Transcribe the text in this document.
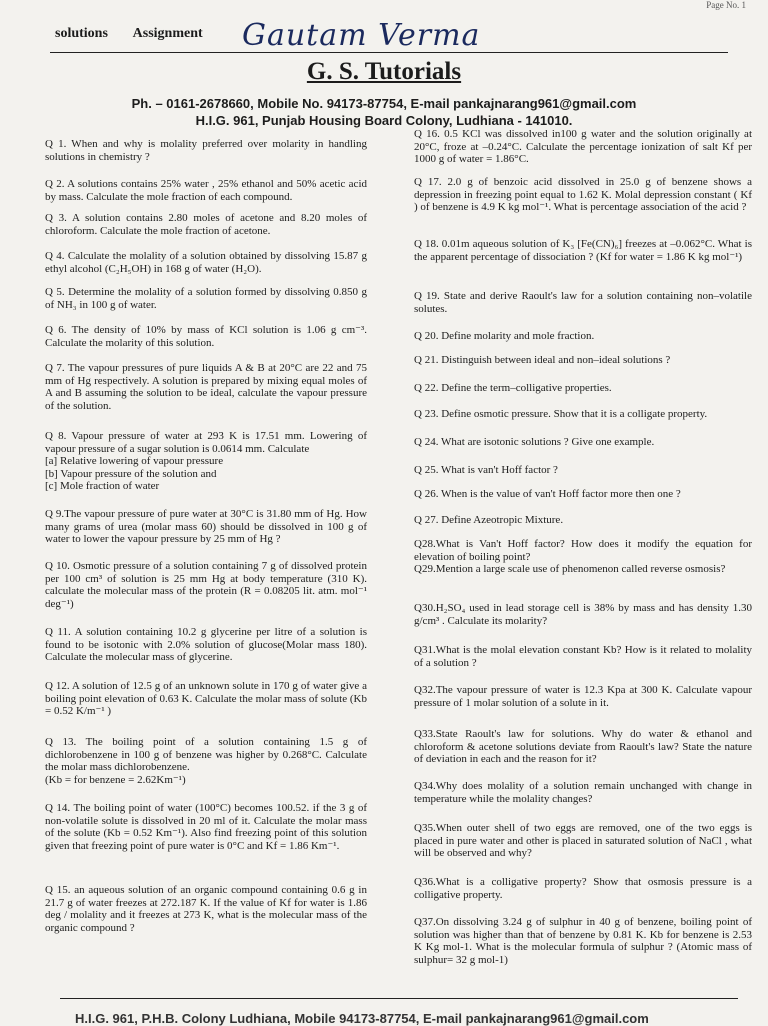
Page No. 1
solutions Assignment	Gautam Verma
G. S. Tutorials
Ph. – 0161-2678660, Mobile No. 94173-87754, E-mail pankajnarang961@gmail.com
H.I.G. 961, Punjab Housing Board Colony, Ludhiana - 141010.
Q 1. When and why is molality preferred over molarity in handling solutions in chemistry ?
Q 2. A solutions contains 25% water , 25% ethanol and 50% acetic acid by mass. Calculate the mole fraction of each compound.
Q 3. A solution contains 2.80 moles of acetone and 8.20 moles of chloroform. Calculate the mole fraction of acetone.
Q 4. Calculate the molality of a solution obtained by dissolving 15.87 g ethyl alcohol (C₂H₅OH) in 168 g of water (H₂O).
Q 5. Determine the molality of a solution formed by dissolving 0.850 g of NH₃ in 100 g of water.
Q 6. The density of 10% by mass of KCl solution is 1.06 g cm⁻³. Calculate the molarity of this solution.
Q 7. The vapour pressures of pure liquids A & B at 20°C are 22 and 75 mm of Hg respectively. A solution is prepared by mixing equal moles of A and B assuming the solution to be ideal, calculate the vapour pressure of the solution.
Q 8. Vapour pressure of water at 293 K is 17.51 mm. Lowering of vapour pressure of a sugar solution is 0.0614 mm. Calculate
[a] Relative lowering of vapour pressure
[b] Vapour pressure of the solution and
[c] Mole fraction of water
Q 9.The vapour pressure of pure water at 30°C is 31.80 mm of Hg. How many grams of urea (molar mass 60) should be dissolved in 100 g of water to lower the vapour pressure by 25 mm of Hg ?
Q 10. Osmotic pressure of a solution containing 7 g of dissolved protein per 100 cm³ of solution is 25 mm Hg at body temperature (310 K). calculate the molecular mass of the protein (R = 0.08205 lit. atm. mol⁻¹ deg⁻¹)
Q 11. A solution containing 10.2 g glycerine per litre of a solution is found to be isotonic with 2.0% solution of glucose(Molar mass 180). Calculate the molecular mass of glycerine.
Q 12. A solution of 12.5 g of an unknown solute in 170 g of water give a boiling point elevation of 0.63 K. Calculate the molar mass of solute (Kb = 0.52 K/m⁻¹ )
Q 13. The boiling point of a solution containing 1.5 g of dichlorobenzene in 100 g of benzene was higher by 0.268°C. Calculate the molar mass dichlorobenzene.
(Kb = for benzene = 2.62Km⁻¹)
Q 14. The boiling point of water (100°C) becomes 100.52. if the 3 g of non-volatile solute is dissolved in 20 ml of it. Calculate the molar mass of the solute (Kb = 0.52 Km⁻¹). Also find freezing point of this solution given that freezing point of pure water is 0°C and Kf = 1.86 Km⁻¹.
Q 15. an aqueous solution of an organic compound containing 0.6 g in 21.7 g of water freezes at 272.187 K. If the value of Kf for water is 1.86 deg / molality and it freezes at 273 K, what is the molecular mass of the organic compound ?
Q 16. 0.5 KCl was dissolved in100 g water and the solution originally at 20°C, froze at –0.24°C. Calculate the percentage ionization of salt Kf per 1000 g of water = 1.86°C.
Q 17. 2.0 g of benzoic acid dissolved in 25.0 g of benzene shows a depression in freezing point equal to 1.62 K. Molal depression constant ( Kf ) of benzene is 4.9 K kg mol⁻¹. What is percentage association of the acid ?
Q 18. 0.01m aqueous solution of K₃ [Fe(CN)₆] freezes at –0.062°C. What is the apparent percentage of dissociation ? (Kf for water = 1.86 K kg mol⁻¹)
Q 19. State and derive Raoult's law for a solution containing non–volatile solutes.
Q 20. Define molarity and mole fraction.
Q 21. Distinguish between ideal and non–ideal solutions ?
Q 22. Define the term–colligative properties.
Q 23. Define osmotic pressure. Show that it is a colligate property.
Q 24. What are isotonic solutions ? Give one example.
Q 25. What is van't Hoff factor ?
Q 26. When is the value of van't Hoff factor more then one ?
Q 27. Define Azeotropic Mixture.
Q28.What is Van't Hoff factor? How does it modify the equation for elevation of boiling point?
Q29.Mention a large scale use of phenomenon called reverse osmosis?
Q30.H₂SO₄ used in lead storage cell is 38% by mass and has density 1.30 g/cm³ . Calculate its molarity?
Q31.What is the molal elevation constant Kb? How is it related to molality of a solution ?
Q32.The vapour pressure of water is 12.3 Kpa at 300 K. Calculate vapour pressure of 1 molar solution of a solute in it.
Q33.State Raoult's law for solutions. Why do water & ethanol and chloroform & acetone solutions deviate from Raoult's law? State the nature of deviation in each and the reason for it?
Q34.Why does molality of a solution remain unchanged with change in temperature while the molality changes?
Q35.When outer shell of two eggs are removed, one of the two eggs is placed in pure water and other is placed in saturated solution of NaCl , what will be observed and why?
Q36.What is a colligative property? Show that osmosis pressure is a colligative property.
Q37.On dissolving 3.24 g of sulphur in 40 g of benzene, boiling point of solution was higher than that of benzene by 0.81 K. Kb for benzene is 2.53 K Kg mol-1. What is the molecular formula of sulphur ? (Atomic mass of sulphur= 32 g mol-1)
H.I.G. 961, P.H.B. Colony Ludhiana, Mobile 94173-87754, E-mail pankajnarang961@gmail.com
